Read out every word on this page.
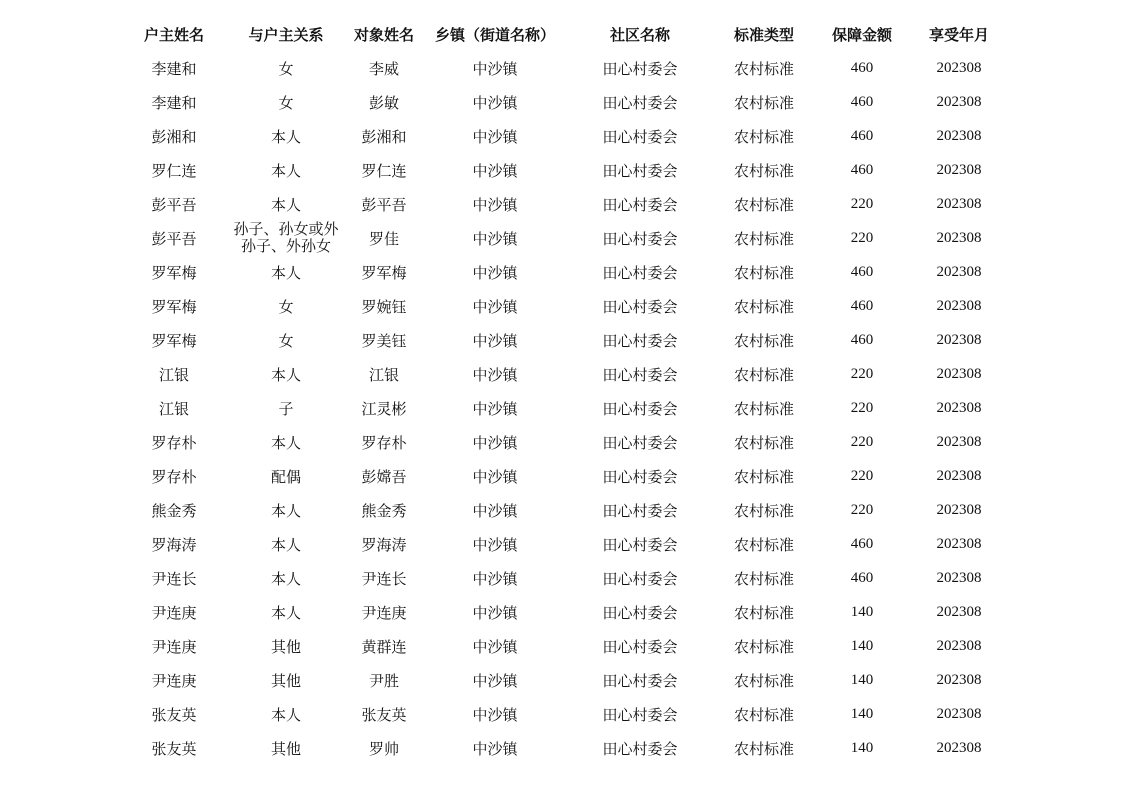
户主姓名	与户主关系	对象姓名	乡镇（街道名称）	社区名称	标准类型	保障金额	享受年月
李建和	女	李威	中沙镇	田心村委会	农村标准	460	202308
李建和	女	彭敏	中沙镇	田心村委会	农村标准	460	202308
彭湘和	本人	彭湘和	中沙镇	田心村委会	农村标准	460	202308
罗仁连	本人	罗仁连	中沙镇	田心村委会	农村标准	460	202308
彭平吾	本人	彭平吾	中沙镇	田心村委会	农村标准	220	202308
彭平吾	孙子、孙女或外孙子、外孙女	罗佳	中沙镇	田心村委会	农村标准	220	202308
罗军梅	本人	罗军梅	中沙镇	田心村委会	农村标准	460	202308
罗军梅	女	罗婉钰	中沙镇	田心村委会	农村标准	460	202308
罗军梅	女	罗美钰	中沙镇	田心村委会	农村标准	460	202308
江银	本人	江银	中沙镇	田心村委会	农村标准	220	202308
江银	子	江灵彬	中沙镇	田心村委会	农村标准	220	202308
罗存朴	本人	罗存朴	中沙镇	田心村委会	农村标准	220	202308
罗存朴	配偶	彭嫦吾	中沙镇	田心村委会	农村标准	220	202308
熊金秀	本人	熊金秀	中沙镇	田心村委会	农村标准	220	202308
罗海涛	本人	罗海涛	中沙镇	田心村委会	农村标准	460	202308
尹连长	本人	尹连长	中沙镇	田心村委会	农村标准	460	202308
尹连庚	本人	尹连庚	中沙镇	田心村委会	农村标准	140	202308
尹连庚	其他	黄群连	中沙镇	田心村委会	农村标准	140	202308
尹连庚	其他	尹胜	中沙镇	田心村委会	农村标准	140	202308
张友英	本人	张友英	中沙镇	田心村委会	农村标准	140	202308
张友英	其他	罗帅	中沙镇	田心村委会	农村标准	140	202308
